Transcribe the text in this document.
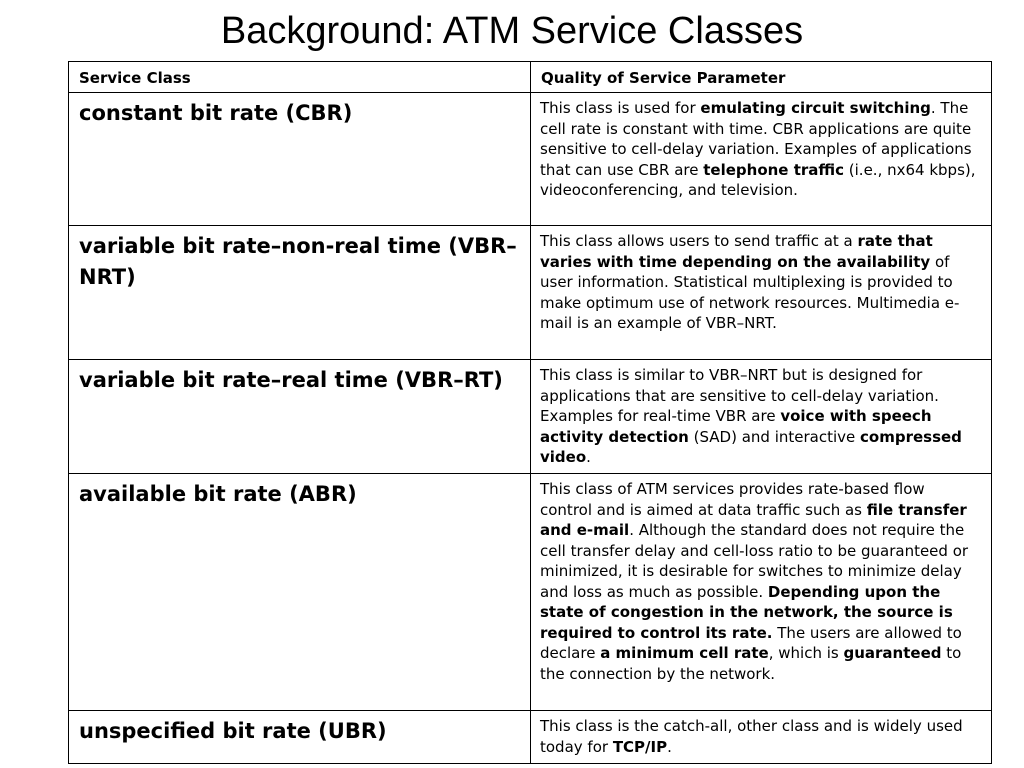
Background: ATM Service Classes
Service Class	Quality of Service Parameter
constant bit rate (CBR)	This class is used for emulating circuit switching. The cell rate is constant with time. CBR applications are quite sensitive to cell-delay variation. Examples of applications that can use CBR are telephone traffic (i.e., nx64 kbps), videoconferencing, and television.
variable bit rate–non-real time (VBR–NRT)	This class allows users to send traffic at a rate that varies with time depending on the availability of user information. Statistical multiplexing is provided to make optimum use of network resources. Multimedia e-mail is an example of VBR–NRT.
variable bit rate–real time (VBR–RT)	This class is similar to VBR–NRT but is designed for applications that are sensitive to cell-delay variation. Examples for real-time VBR are voice with speech activity detection (SAD) and interactive compressed video.
available bit rate (ABR)	This class of ATM services provides rate-based flow control and is aimed at data traffic such as file transfer and e-mail. Although the standard does not require the cell transfer delay and cell-loss ratio to be guaranteed or minimized, it is desirable for switches to minimize delay and loss as much as possible. Depending upon the state of congestion in the network, the source is required to control its rate. The users are allowed to declare a minimum cell rate, which is guaranteed to the connection by the network.
unspecified bit rate (UBR)	This class is the catch-all, other class and is widely used today for TCP/IP.
